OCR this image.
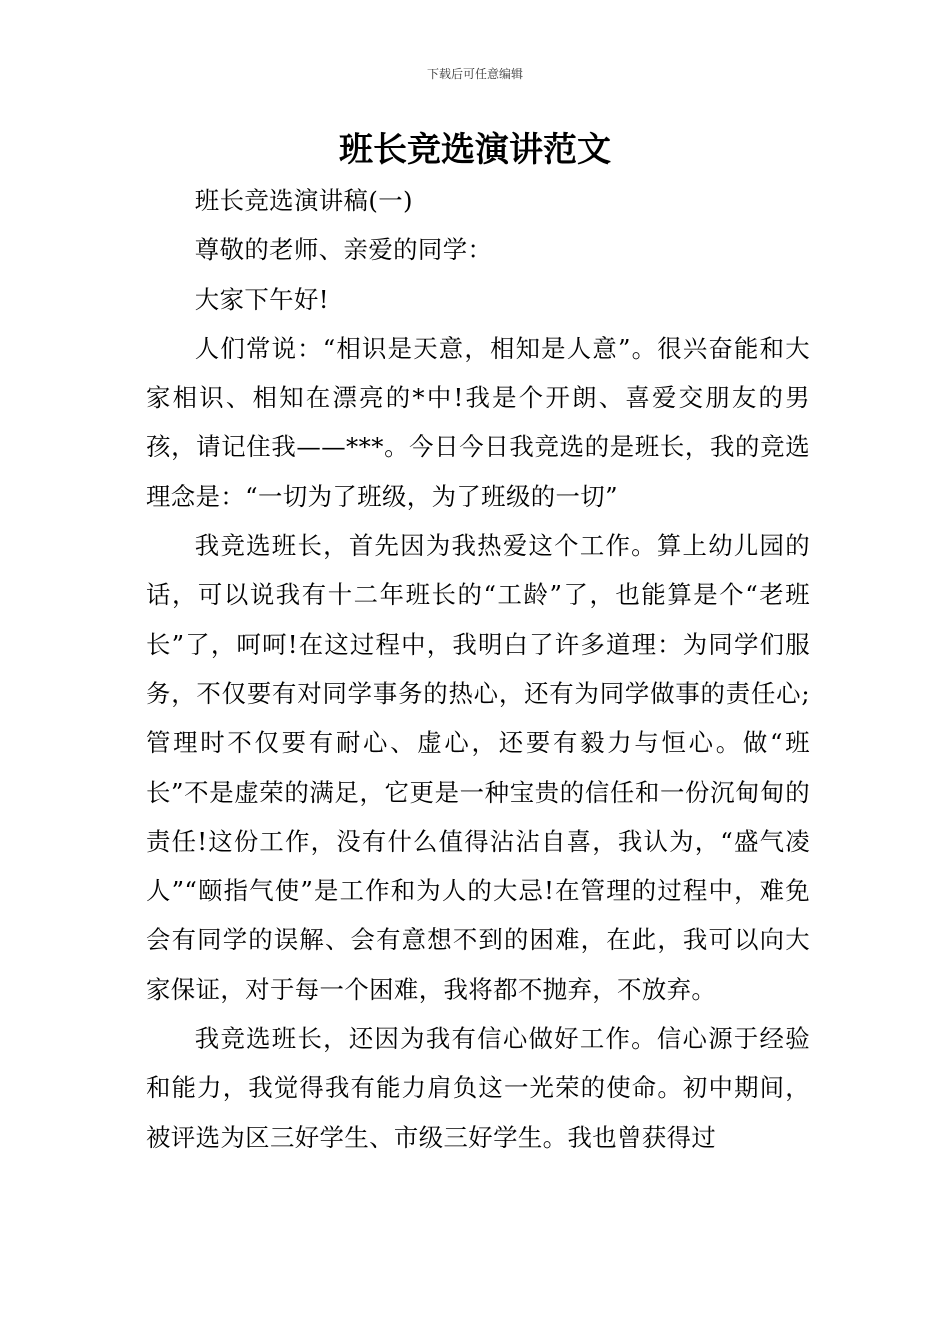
下载后可任意编辑
班长竞选演讲范文

班长竞选演讲稿(一)

尊敬的老师、亲爱的同学：

大家下午好!

人们常说：“相识是天意，相知是人意”。很兴奋能和大家相识、相知在漂亮的*中!我是个开朗、喜爱交朋友的男孩，请记住我——***。今日今日我竞选的是班长，我的竞选理念是：“一切为了班级，为了班级的一切”

我竞选班长，首先因为我热爱这个工作。算上幼儿园的话，可以说我有十二年班长的“工龄”了，也能算是个“老班长”了，呵呵!在这过程中，我明白了许多道理：为同学们服务，不仅要有对同学事务的热心，还有为同学做事的责任心;管理时不仅要有耐心、虚心，还要有毅力与恒心。做“班长”不是虚荣的满足，它更是一种宝贵的信任和一份沉甸甸的责任!这份工作，没有什么值得沾沾自喜，我认为，“盛气凌人”“颐指气使”是工作和为人的大忌!在管理的过程中，难免会有同学的误解、会有意想不到的困难，在此，我可以向大家保证，对于每一个困难，我将都不抛弃，不放弃。

我竞选班长，还因为我有信心做好工作。信心源于经验和能力，我觉得我有能力肩负这一光荣的使命。初中期间，被评选为区三好学生、市级三好学生。我也曾获得过
